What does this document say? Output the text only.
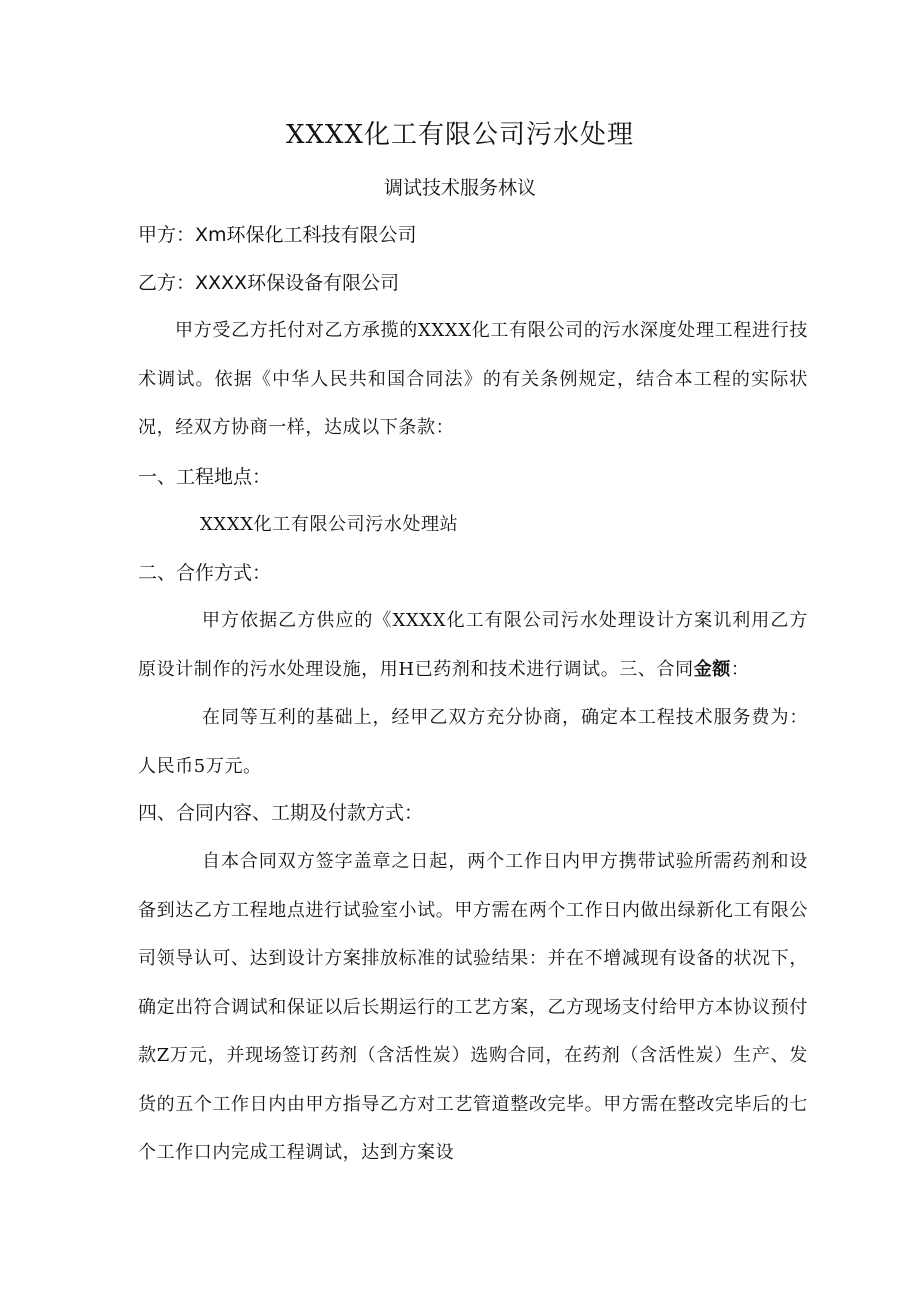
XXXX化工有限公司污水处理
调试技术服务林议
甲方：Xm环保化工科技有限公司
乙方：XXXX环保设备有限公司
甲方受乙方托付对乙方承揽的XXXX化工有限公司的污水深度处理工程进行技术调试。依据《中华人民共和国合同法》的有关条例规定，结合本工程的实际状况，经双方协商一样，达成以下条款：
一、工程地点：
XXXX化工有限公司污水处理站
二、合作方式：
甲方依据乙方供应的《XXXX化工有限公司污水处理设计方案讥利用乙方原设计制作的污水处理设施，用H已药剂和技术进行调试。三、合同金额：
在同等互利的基础上，经甲乙双方充分协商，确定本工程技术服务费为：人民币5万元。
四、合同内容、工期及付款方式：
自本合同双方签字盖章之日起，两个工作日内甲方携带试验所需药剂和设备到达乙方工程地点进行试验室小试。甲方需在两个工作日内做出绿新化工有限公司领导认可、达到设计方案排放标准的试验结果：并在不增减现有设备的状况下，确定出符合调试和保证以后长期运行的工艺方案，乙方现场支付给甲方本协议预付款Z万元，并现场签订药剂（含活性炭）选购合同，在药剂（含活性炭）生产、发货的五个工作日内由甲方指导乙方对工艺管道整改完毕。甲方需在整改完毕后的七个工作口内完成工程调试，达到方案设
